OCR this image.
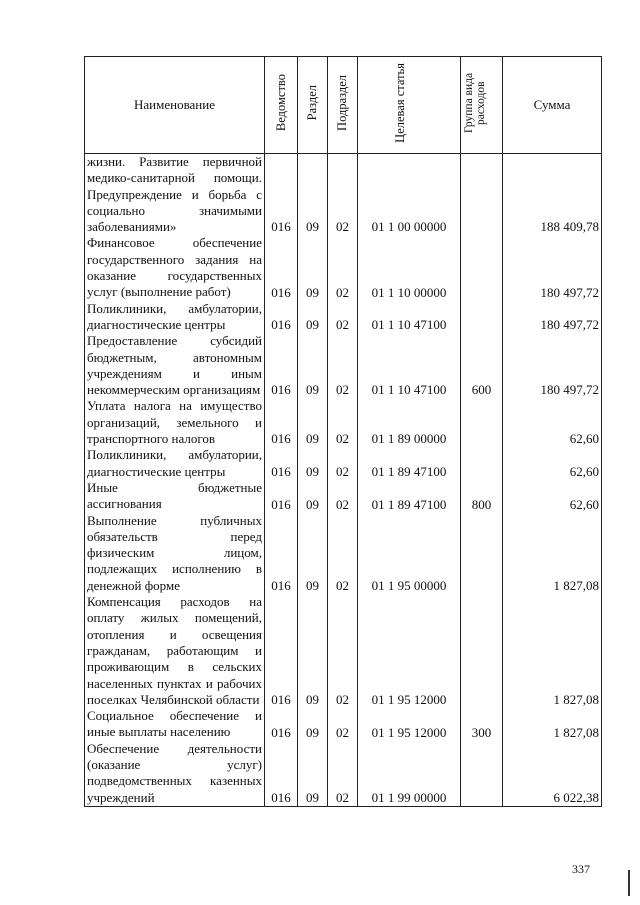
Наименование	Ведомство	Раздел	Подраздел	Целевая статья	Группа вида расходов	Сумма
жизни. Развитие первичной медико-санитарной помощи. Предупреждение и борьба с социально значимыми заболеваниями»	016	09	02	01 1 00 00000		188 409,78
Финансовое обеспечение государственного задания на оказание государственных услуг (выполнение работ)	016	09	02	01 1 10 00000		180 497,72
Поликлиники, амбулатории, диагностические центры	016	09	02	01 1 10 47100		180 497,72
Предоставление субсидий бюджетным, автономным учреждениям и иным некоммерческим организациям	016	09	02	01 1 10 47100	600	180 497,72
Уплата налога на имущество организаций, земельного и транспортного налогов	016	09	02	01 1 89 00000		62,60
Поликлиники, амбулатории, диагностические центры	016	09	02	01 1 89 47100		62,60
Иные бюджетные ассигнования	016	09	02	01 1 89 47100	800	62,60
Выполнение публичных обязательств перед физическим лицом, подлежащих исполнению в денежной форме	016	09	02	01 1 95 00000		1 827,08
Компенсация расходов на оплату жилых помещений, отопления и освещения гражданам, работающим и проживающим в сельских населенных пунктах и рабочих поселках Челябинской области	016	09	02	01 1 95 12000		1 827,08
Социальное обеспечение и иные выплаты населению	016	09	02	01 1 95 12000	300	1 827,08
Обеспечение деятельности (оказание услуг) подведомственных казенных учреждений	016	09	02	01 1 99 00000		6 022,38
337
